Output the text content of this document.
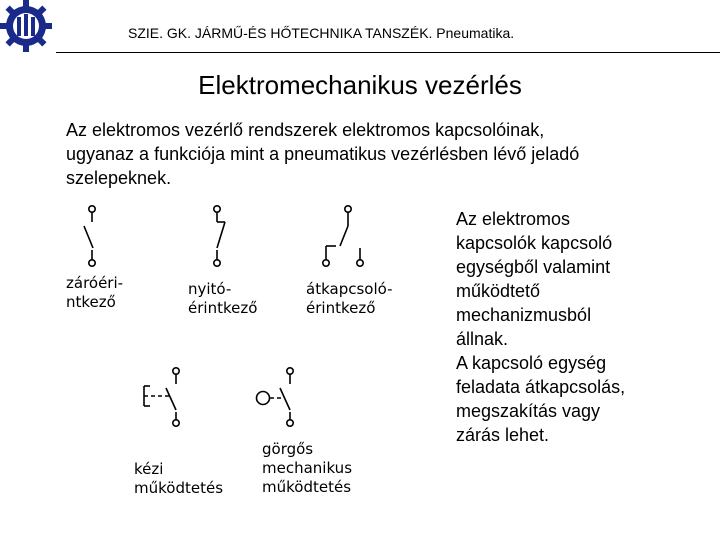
SZIE. GK. JÁRMŰ-ÉS HŐTECHNIKA TANSZÉK. Pneumatika.
Elektromechanikus vezérlés
Az elektromos vezérlő rendszerek elektromos kapcsolóinak,
ugyanaz a funkciója mint a pneumatikus vezérlésben lévő jeladó
szelepeknek.
záróéri-
ntkező
nyitó-
érintkező
átkapcsoló-
érintkező
kézi
működtetés
görgős
mechanikus
működtetés
Az elektromos
kapcsolók kapcsoló
egységből valamint
működtető
mechanizmusból
állnak.
A kapcsoló egység
feladata átkapcsolás,
megszakítás vagy
zárás lehet.
